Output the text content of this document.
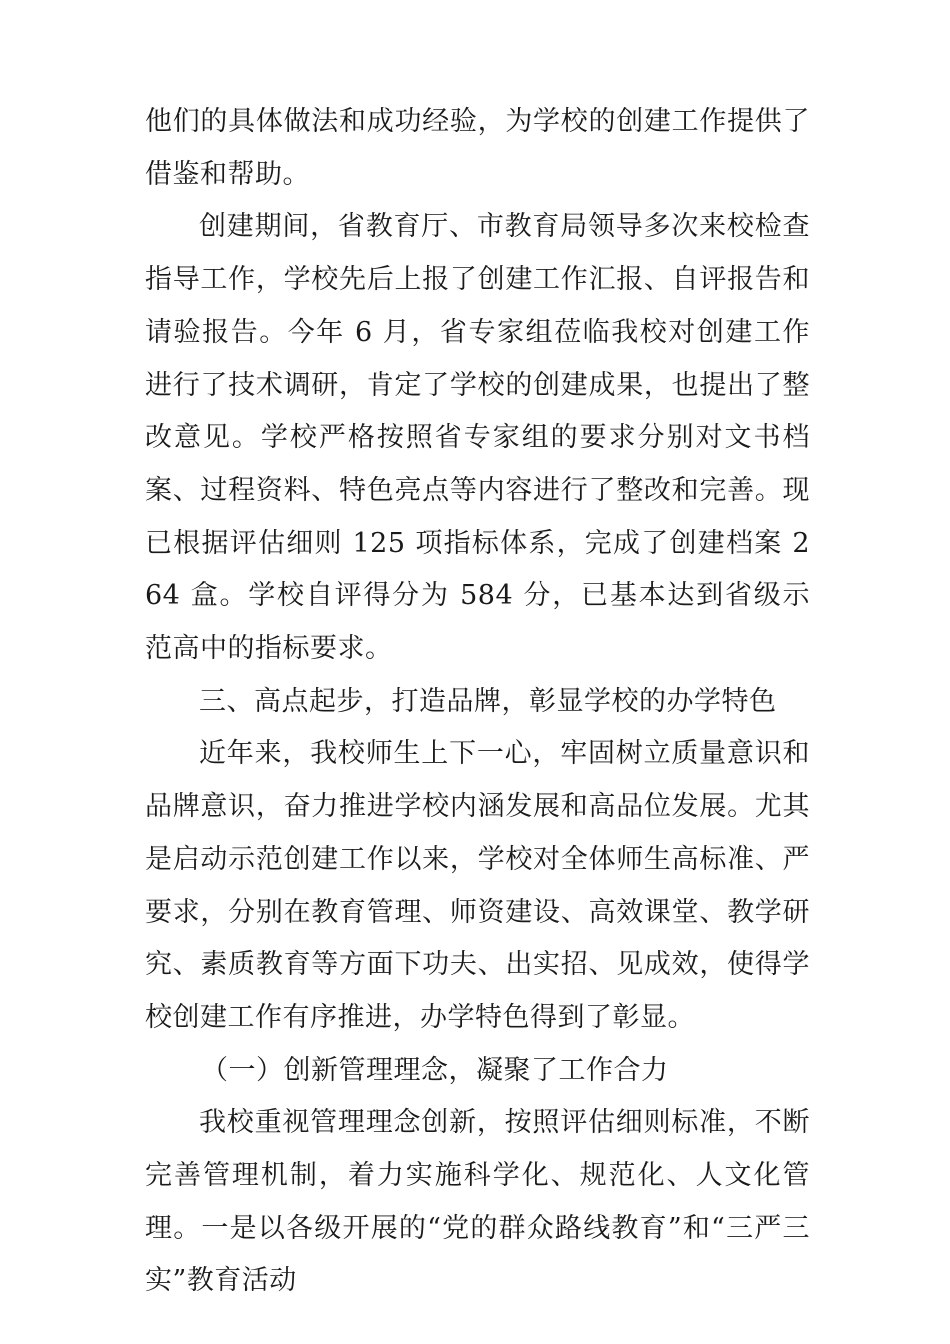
他们的具体做法和成功经验，为学校的创建工作提供了借鉴和帮助。

创建期间，省教育厅、市教育局领导多次来校检查指导工作，学校先后上报了创建工作汇报、自评报告和请验报告。今年 6 月，省专家组莅临我校对创建工作进行了技术调研，肯定了学校的创建成果，也提出了整改意见。学校严格按照省专家组的要求分别对文书档案、过程资料、特色亮点等内容进行了整改和完善。现已根据评估细则 125 项指标体系，完成了创建档案 264 盒。学校自评得分为 584 分，已基本达到省级示范高中的指标要求。

三、高点起步，打造品牌，彰显学校的办学特色

近年来，我校师生上下一心，牢固树立质量意识和品牌意识，奋力推进学校内涵发展和高品位发展。尤其是启动示范创建工作以来，学校对全体师生高标准、严要求，分别在教育管理、师资建设、高效课堂、教学研究、素质教育等方面下功夫、出实招、见成效，使得学校创建工作有序推进，办学特色得到了彰显。

（一）创新管理理念，凝聚了工作合力

我校重视管理理念创新，按照评估细则标准，不断完善管理机制，着力实施科学化、规范化、人文化管理。一是以各级开展的“党的群众路线教育”和“三严三实”教育活动
